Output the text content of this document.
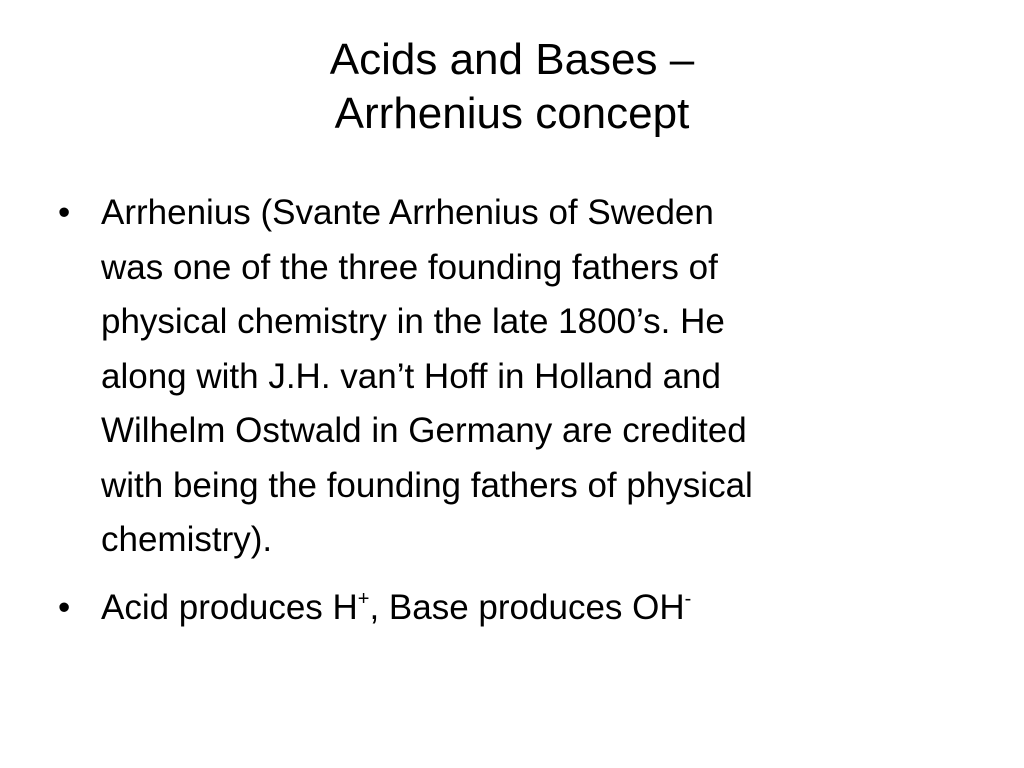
Acids and Bases –
Arrhenius concept
• Arrhenius (Svante Arrhenius of Sweden
was one of the three founding fathers of
physical chemistry in the late 1800’s. He
along with J.H. van’t Hoff in Holland and
Wilhelm Ostwald in Germany are credited
with being the founding fathers of physical
chemistry).
• Acid produces H+, Base produces OH-
